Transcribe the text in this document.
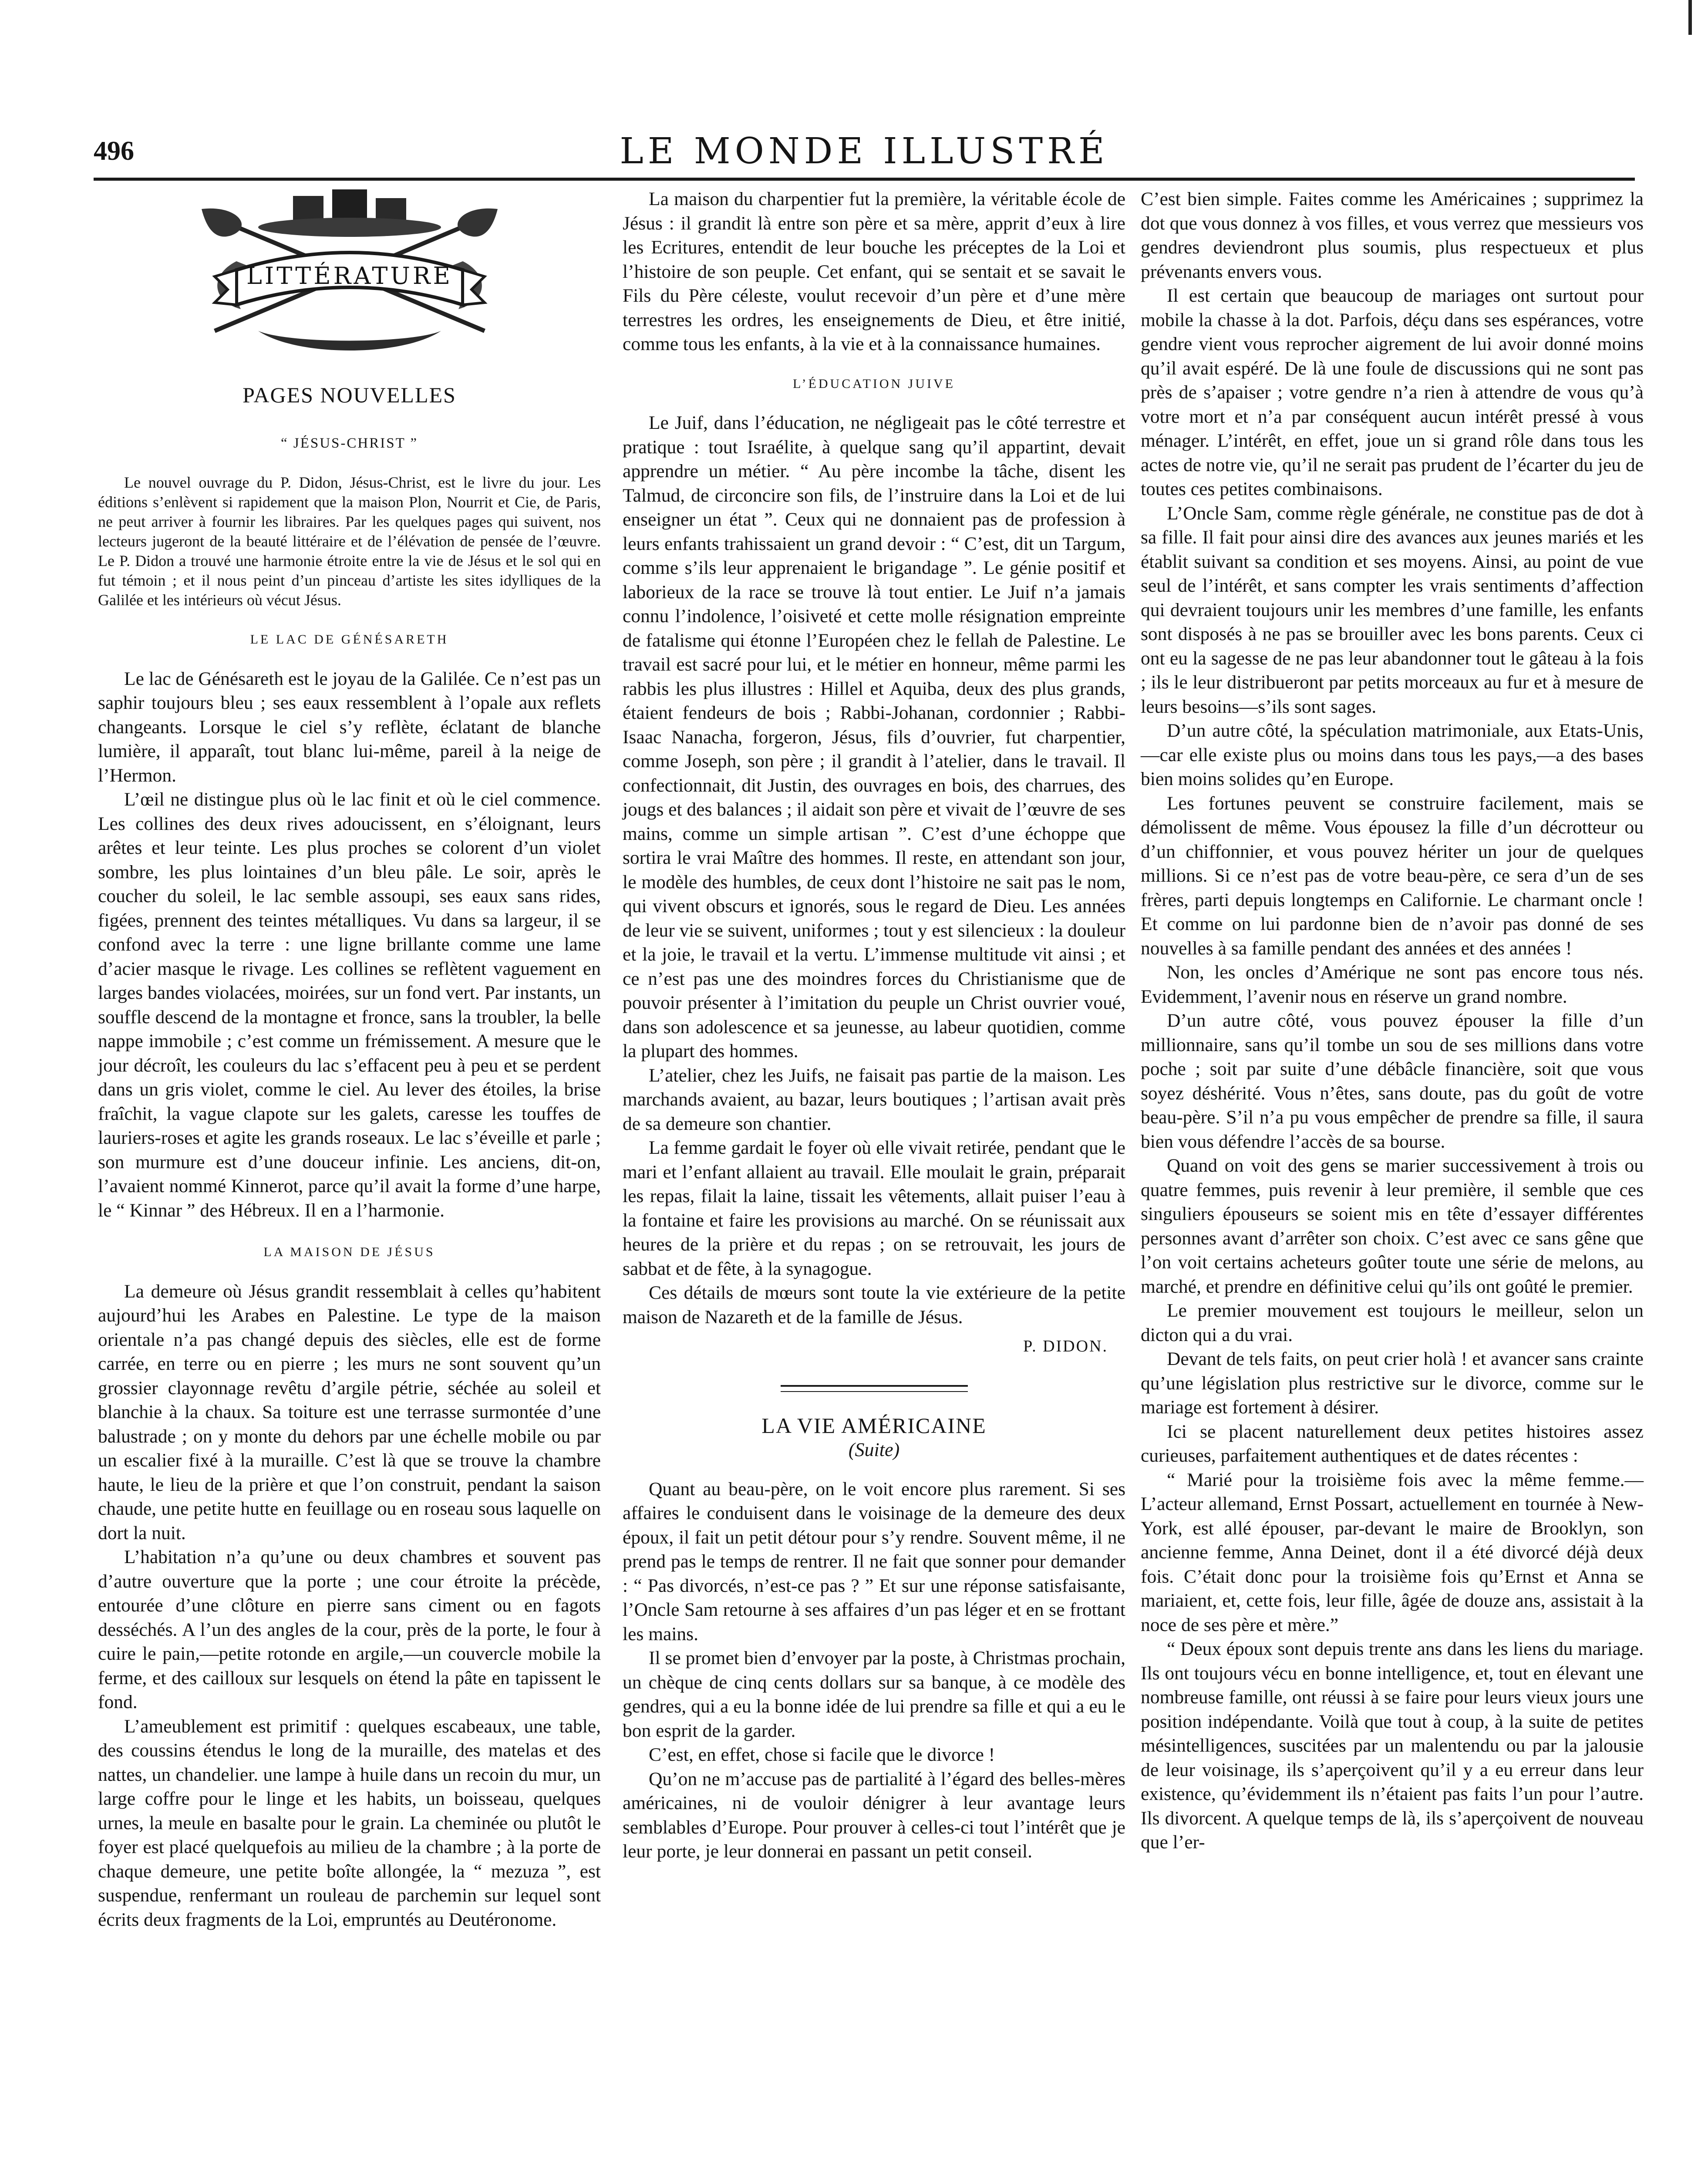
496	LE MONDE ILLUSTRÉ
LITTÉRATURE
PAGES NOUVELLES
“ JÉSUS-CHRIST ”

Le nouvel ouvrage du P. Didon, Jésus-Christ, est le livre du jour. Les éditions s’enlèvent si rapidement que la maison Plon, Nourrit et Cie, de Paris, ne peut arriver à fournir les libraires. Par les quelques pages qui suivent, nos lecteurs jugeront de la beauté littéraire et de l’élévation de pensée de l’œuvre. Le P. Didon a trouvé une harmonie étroite entre la vie de Jésus et le sol qui en fut témoin ; et il nous peint d’un pinceau d’artiste les sites idylliques de la Galilée et les intérieurs où vécut Jésus.

LE LAC DE GÉNÉSARETH

Le lac de Génésareth est le joyau de la Galilée. Ce n’est pas un saphir toujours bleu ; ses eaux ressemblent à l’opale aux reflets changeants. Lorsque le ciel s’y reflète, éclatant de blanche lumière, il apparaît, tout blanc lui-même, pareil à la neige de l’Hermon.

L’œil ne distingue plus où le lac finit et où le ciel commence. Les collines des deux rives adoucissent, en s’éloignant, leurs arêtes et leur teinte. Les plus proches se colorent d’un violet sombre, les plus lointaines d’un bleu pâle. Le soir, après le coucher du soleil, le lac semble assoupi, ses eaux sans rides, figées, prennent des teintes métalliques. Vu dans sa largeur, il se confond avec la terre : une ligne brillante comme une lame d’acier masque le rivage. Les collines se reflètent vaguement en larges bandes violacées, moirées, sur un fond vert. Par instants, un souffle descend de la montagne et fronce, sans la troubler, la belle nappe immobile ; c’est comme un frémissement. A mesure que le jour décroît, les couleurs du lac s’effacent peu à peu et se perdent dans un gris violet, comme le ciel. Au lever des étoiles, la brise fraîchit, la vague clapote sur les galets, caresse les touffes de lauriers-roses et agite les grands roseaux. Le lac s’éveille et parle ; son murmure est d’une douceur infinie. Les anciens, dit-on, l’avaient nommé Kinnerot, parce qu’il avait la forme d’une harpe, le “ Kinnar ” des Hébreux. Il en a l’harmonie.

LA MAISON DE JÉSUS

La demeure où Jésus grandit ressemblait à celles qu’habitent aujourd’hui les Arabes en Palestine. Le type de la maison orientale n’a pas changé depuis des siècles, elle est de forme carrée, en terre ou en pierre ; les murs ne sont souvent qu’un grossier clayonnage revêtu d’argile pétrie, séchée au soleil et blanchie à la chaux. Sa toiture est une terrasse surmontée d’une balustrade ; on y monte du dehors par une échelle mobile ou par un escalier fixé à la muraille. C’est là que se trouve la chambre haute, le lieu de la prière et que l’on construit, pendant la saison chaude, une petite hutte en feuillage ou en roseau sous laquelle on dort la nuit.

L’habitation n’a qu’une ou deux chambres et souvent pas d’autre ouverture que la porte ; une cour étroite la précède, entourée d’une clôture en pierre sans ciment ou en fagots desséchés. A l’un des angles de la cour, près de la porte, le four à cuire le pain,—petite rotonde en argile,—un couvercle mobile la ferme, et des cailloux sur lesquels on étend la pâte en tapissent le fond.

L’ameublement est primitif : quelques escabeaux, une table, des coussins étendus le long de la muraille, des matelas et des nattes, un chandelier. une lampe à huile dans un recoin du mur, un large coffre pour le linge et les habits, un boisseau, quelques urnes, la meule en basalte pour le grain. La cheminée ou plutôt le foyer est placé quelquefois au milieu de la chambre ; à la porte de chaque demeure, une petite boîte allongée, la “ mezuza ”, est suspendue, renfermant un rouleau de parchemin sur lequel sont écrits deux fragments de la Loi, empruntés au Deutéronome.

La maison du charpentier fut la première, la véritable école de Jésus : il grandit là entre son père et sa mère, apprit d’eux à lire les Ecritures, entendit de leur bouche les préceptes de la Loi et l’histoire de son peuple. Cet enfant, qui se sentait et se savait le Fils du Père céleste, voulut recevoir d’un père et d’une mère terrestres les ordres, les enseignements de Dieu, et être initié, comme tous les enfants, à la vie et à la connaissance humaines.

L’ÉDUCATION JUIVE

Le Juif, dans l’éducation, ne négligeait pas le côté terrestre et pratique : tout Israélite, à quelque sang qu’il appartint, devait apprendre un métier. “ Au père incombe la tâche, disent les Talmud, de circoncire son fils, de l’instruire dans la Loi et de lui enseigner un état ”. Ceux qui ne donnaient pas de profession à leurs enfants trahissaient un grand devoir : “ C’est, dit un Targum, comme s’ils leur apprenaient le brigandage ”. Le génie positif et laborieux de la race se trouve là tout entier. Le Juif n’a jamais connu l’indolence, l’oisiveté et cette molle résignation empreinte de fatalisme qui étonne l’Européen chez le fellah de Palestine. Le travail est sacré pour lui, et le métier en honneur, même parmi les rabbis les plus illustres : Hillel et Aquiba, deux des plus grands, étaient fendeurs de bois ; Rabbi-Johanan, cordonnier ; Rabbi-Isaac Nanacha, forgeron, Jésus, fils d’ouvrier, fut charpentier, comme Joseph, son père ; il grandit à l’atelier, dans le travail. Il confectionnait, dit Justin, des ouvrages en bois, des charrues, des jougs et des balances ; il aidait son père et vivait de l’œuvre de ses mains, comme un simple artisan ”. C’est d’une échoppe que sortira le vrai Maître des hommes. Il reste, en attendant son jour, le modèle des humbles, de ceux dont l’histoire ne sait pas le nom, qui vivent obscurs et ignorés, sous le regard de Dieu. Les années de leur vie se suivent, uniformes ; tout y est silencieux : la douleur et la joie, le travail et la vertu. L’immense multitude vit ainsi ; et ce n’est pas une des moindres forces du Christianisme que de pouvoir présenter à l’imitation du peuple un Christ ouvrier voué, dans son adolescence et sa jeunesse, au labeur quotidien, comme la plupart des hommes.

L’atelier, chez les Juifs, ne faisait pas partie de la maison. Les marchands avaient, au bazar, leurs boutiques ; l’artisan avait près de sa demeure son chantier.

La femme gardait le foyer où elle vivait retirée, pendant que le mari et l’enfant allaient au travail. Elle moulait le grain, préparait les repas, filait la laine, tissait les vêtements, allait puiser l’eau à la fontaine et faire les provisions au marché. On se réunissait aux heures de la prière et du repas ; on se retrouvait, les jours de sabbat et de fête, à la synagogue.

Ces détails de mœurs sont toute la vie extérieure de la petite maison de Nazareth et de la famille de Jésus.

P. DIDON.
LA VIE AMÉRICAINE
(Suite)

Quant au beau-père, on le voit encore plus rarement. Si ses affaires le conduisent dans le voisinage de la demeure des deux époux, il fait un petit détour pour s’y rendre. Souvent même, il ne prend pas le temps de rentrer. Il ne fait que sonner pour demander : “ Pas divorcés, n’est-ce pas ? ” Et sur une réponse satisfaisante, l’Oncle Sam retourne à ses affaires d’un pas léger et en se frottant les mains.

Il se promet bien d’envoyer par la poste, à Christmas prochain, un chèque de cinq cents dollars sur sa banque, à ce modèle des gendres, qui a eu la bonne idée de lui prendre sa fille et qui a eu le bon esprit de la garder.

C’est, en effet, chose si facile que le divorce !

Qu’on ne m’accuse pas de partialité à l’égard des belles-mères américaines, ni de vouloir dénigrer à leur avantage leurs semblables d’Europe. Pour prouver à celles-ci tout l’intérêt que je leur porte, je leur donnerai en passant un petit conseil.

C’est bien simple. Faites comme les Américaines ; supprimez la dot que vous donnez à vos filles, et vous verrez que messieurs vos gendres deviendront plus soumis, plus respectueux et plus prévenants envers vous.

Il est certain que beaucoup de mariages ont surtout pour mobile la chasse à la dot. Parfois, déçu dans ses espérances, votre gendre vient vous reprocher aigrement de lui avoir donné moins qu’il avait espéré. De là une foule de discussions qui ne sont pas près de s’apaiser ; votre gendre n’a rien à attendre de vous qu’à votre mort et n’a par conséquent aucun intérêt pressé à vous ménager. L’intérêt, en effet, joue un si grand rôle dans tous les actes de notre vie, qu’il ne serait pas prudent de l’écarter du jeu de toutes ces petites combinaisons.

L’Oncle Sam, comme règle générale, ne constitue pas de dot à sa fille. Il fait pour ainsi dire des avances aux jeunes mariés et les établit suivant sa condition et ses moyens. Ainsi, au point de vue seul de l’intérêt, et sans compter les vrais sentiments d’affection qui devraient toujours unir les membres d’une famille, les enfants sont disposés à ne pas se brouiller avec les bons parents. Ceux ci ont eu la sagesse de ne pas leur abandonner tout le gâteau à la fois ; ils le leur distribueront par petits morceaux au fur et à mesure de leurs besoins—s’ils sont sages.

D’un autre côté, la spéculation matrimoniale, aux Etats-Unis,—car elle existe plus ou moins dans tous les pays,—a des bases bien moins solides qu’en Europe.

Les fortunes peuvent se construire facilement, mais se démolissent de même. Vous épousez la fille d’un décrotteur ou d’un chiffonnier, et vous pouvez hériter un jour de quelques millions. Si ce n’est pas de votre beau-père, ce sera d’un de ses frères, parti depuis longtemps en Californie. Le charmant oncle ! Et comme on lui pardonne bien de n’avoir pas donné de ses nouvelles à sa famille pendant des années et des années !

Non, les oncles d’Amérique ne sont pas encore tous nés. Evidemment, l’avenir nous en réserve un grand nombre.

D’un autre côté, vous pouvez épouser la fille d’un millionnaire, sans qu’il tombe un sou de ses millions dans votre poche ; soit par suite d’une débâcle financière, soit que vous soyez déshérité. Vous n’êtes, sans doute, pas du goût de votre beau-père. S’il n’a pu vous empêcher de prendre sa fille, il saura bien vous défendre l’accès de sa bourse.

Quand on voit des gens se marier successivement à trois ou quatre femmes, puis revenir à leur première, il semble que ces singuliers épouseurs se soient mis en tête d’essayer différentes personnes avant d’arrêter son choix. C’est avec ce sans gêne que l’on voit certains acheteurs goûter toute une série de melons, au marché, et prendre en définitive celui qu’ils ont goûté le premier.

Le premier mouvement est toujours le meilleur, selon un dicton qui a du vrai.

Devant de tels faits, on peut crier holà ! et avancer sans crainte qu’une législation plus restrictive sur le divorce, comme sur le mariage est fortement à désirer.

Ici se placent naturellement deux petites histoires assez curieuses, parfaitement authentiques et de dates récentes :

“ Marié pour la troisième fois avec la même femme.—L’acteur allemand, Ernst Possart, actuellement en tournée à New-York, est allé épouser, par-devant le maire de Brooklyn, son ancienne femme, Anna Deinet, dont il a été divorcé déjà deux fois. C’était donc pour la troisième fois qu’Ernst et Anna se mariaient, et, cette fois, leur fille, âgée de douze ans, assistait à la noce de ses père et mère.”

“ Deux époux sont depuis trente ans dans les liens du mariage. Ils ont toujours vécu en bonne intelligence, et, tout en élevant une nombreuse famille, ont réussi à se faire pour leurs vieux jours une position indépendante. Voilà que tout à coup, à la suite de petites mésintelligences, suscitées par un malentendu ou par la jalousie de leur voisinage, ils s’aperçoivent qu’il y a eu erreur dans leur existence, qu’évidemment ils n’étaient pas faits l’un pour l’autre. Ils divorcent. A quelque temps de là, ils s’aperçoivent de nouveau que l’er-
